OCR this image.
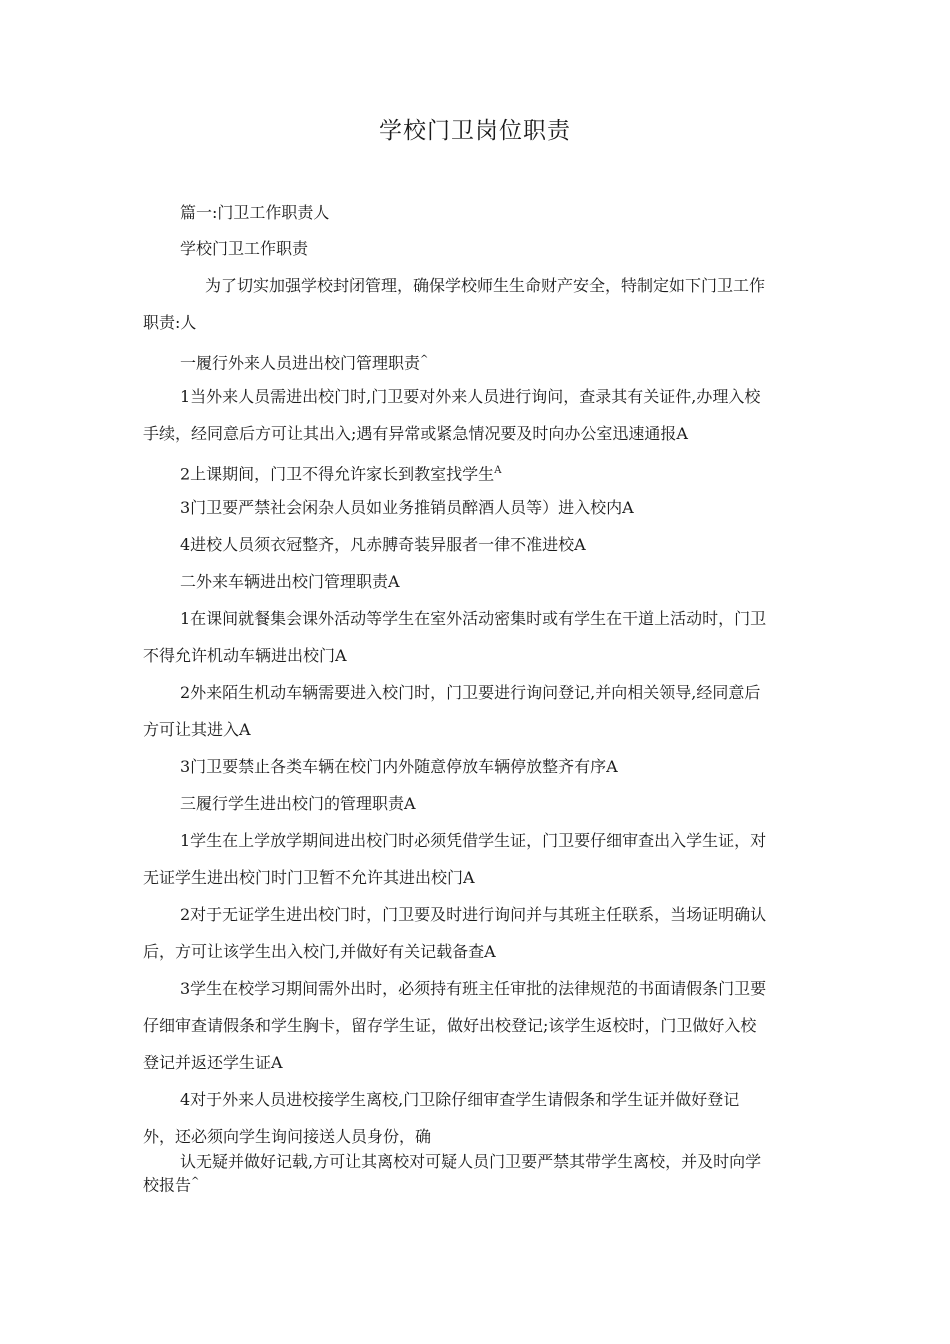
学校门卫岗位职责
篇一:门卫工作职责人
学校门卫工作职责
为了切实加强学校封闭管理，确保学校师生生命财产安全，特制定如下门卫工作
职责:人
一履行外来人员进出校门管理职责^
1当外来人员需进出校门时,门卫要对外来人员进行询问，查录其有关证件,办理入校
手续，经同意后方可让其出入;遇有异常或紧急情况要及时向办公室迅速通报A
2上课期间，门卫不得允许家长到教室找学生$^A$
3门卫要严禁社会闲杂人员如业务推销员醉酒人员等）进入校内A
4进校人员须衣冠整齐，凡赤膊奇装异服者一律不准进校A
二外来车辆进出校门管理职责A
1在课间就餐集会课外活动等学生在室外活动密集时或有学生在干道上活动时，门卫
不得允许机动车辆进出校门A
2外来陌生机动车辆需要进入校门时，门卫要进行询问登记,并向相关领导,经同意后
方可让其进入A
3门卫要禁止各类车辆在校门内外随意停放车辆停放整齐有序A
三履行学生进出校门的管理职责A
1学生在上学放学期间进出校门时必须凭借学生证，门卫要仔细审查出入学生证，对
无证学生进出校门时门卫暂不允许其进出校门A
2对于无证学生进出校门时，门卫要及时进行询问并与其班主任联系，当场证明确认
后，方可让该学生出入校门,并做好有关记载备查A
3学生在校学习期间需外出时，必须持有班主任审批的法律规范的书面请假条门卫要
仔细审查请假条和学生胸卡，留存学生证，做好出校登记;该学生返校时，门卫做好入校
登记并返还学生证A
4对于外来人员进校接学生离校,门卫除仔细审查学生请假条和学生证并做好登记
外，还必须向学生询问接送人员身份，确
认无疑并做好记载,方可让其离校对可疑人员门卫要严禁其带学生离校，并及时向学
校报告^
